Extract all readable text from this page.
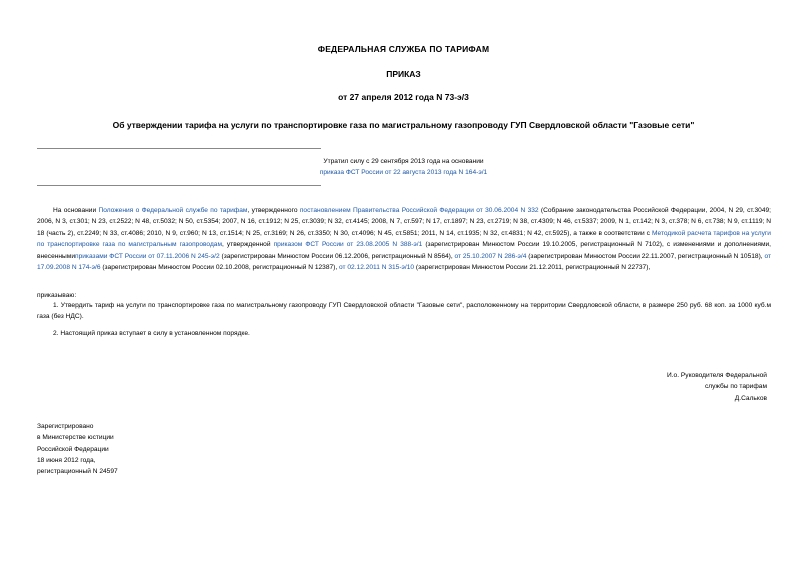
ФЕДЕРАЛЬНАЯ СЛУЖБА ПО ТАРИФАМ
ПРИКАЗ
от 27 апреля 2012 года N 73-э/3
Об утверждении тарифа на услуги по транспортировке газа по магистральному газопроводу ГУП Свердловской области "Газовые сети"
Утратил силу с 29 сентября 2013 года на основании
приказа ФСТ России от 22 августа 2013 года N 164-э/1
На основании Положения о Федеральной службе по тарифам, утвержденного постановлением Правительства Российской Федерации от 30.06.2004 N 332 (Собрание законодательства Российской Федерации, 2004, N 29, ст.3049; 2006, N 3, ст.301; N 23, ст.2522; N 48, ст.5032; N 50, ст.5354; 2007, N 16, ст.1912; N 25, ст.3039; N 32, ст.4145; 2008, N 7, ст.597; N 17, ст.1897; N 23, ст.2719; N 38, ст.4309; N 46, ст.5337; 2009, N 1, ст.142; N 3, ст.378; N 6, ст.738; N 9, ст.1119; N 18 (часть 2), ст.2249; N 33, ст.4086; 2010, N 9, ст.960; N 13, ст.1514; N 25, ст.3169; N 26, ст.3350; N 30, ст.4096; N 45, ст.5851; 2011, N 14, ст.1935; N 32, ст.4831; N 42, ст.5925), а также в соответствии с Методикой расчета тарифов на услуги по транспортировке газа по магистральным газопроводам, утвержденной приказом ФСТ России от 23.08.2005 N 388-э/1 (зарегистрирован Минюстом России 19.10.2005, регистрационный N 7102), с изменениями и дополнениями, внесеннымиприказами ФСТ России от 07.11.2006 N 245-э/2 (зарегистрирован Минюстом России 06.12.2006, регистрационный N 8564), от 25.10.2007 N 286-э/4 (зарегистрирован Минюстом России 22.11.2007, регистрационный N 10518), от 17.09.2008 N 174-э/6 (зарегистрирован Минюстом России 02.10.2008, регистрационный N 12387), от 02.12.2011 N 315-э/10 (зарегистрирован Минюстом России 21.12.2011, регистрационный N 22737),
приказываю:
1. Утвердить тариф на услуги по транспортировке газа по магистральному газопроводу ГУП Свердловской области "Газовые сети", расположенному на территории Свердловской области, в размере 250 руб. 68 коп. за 1000 куб.м газа (без НДС).
2. Настоящий приказ вступает в силу в установленном порядке.
И.о. Руководителя Федеральной
службы по тарифам
Д.Сальков
Зарегистрировано
в Министерстве юстиции
Российской Федерации
18 июня 2012 года,
регистрационный N 24597
